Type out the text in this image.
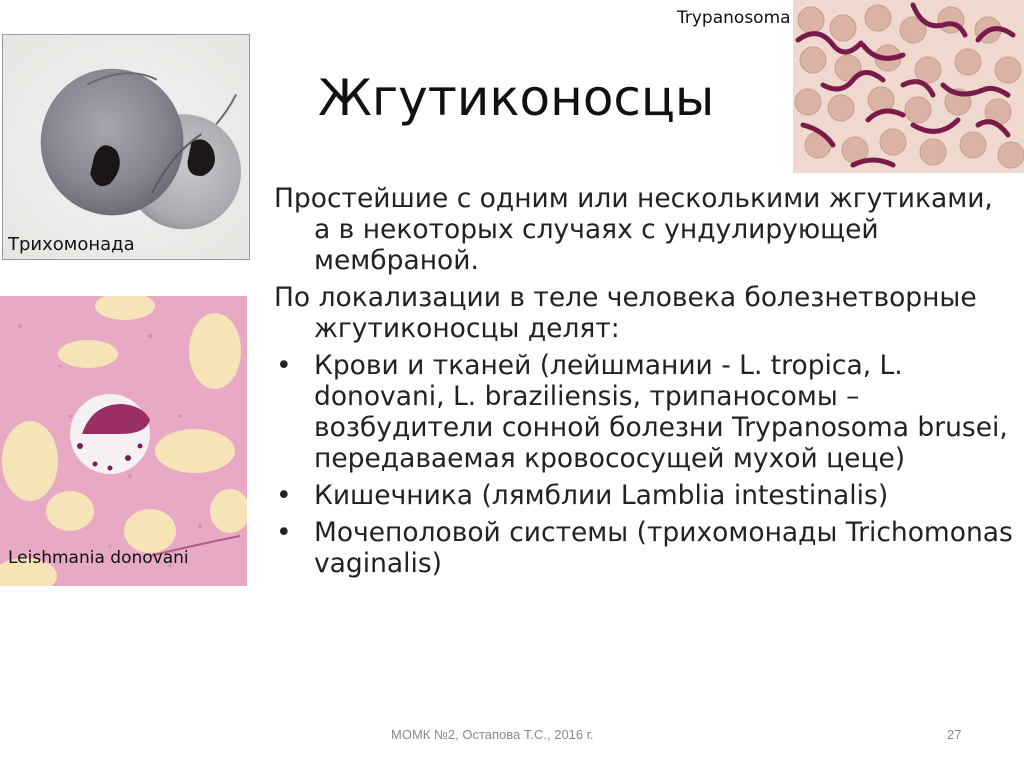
Жгутиконосцы
Трихомонада
Leishmania donovani
Trypanosoma

Простейшие с одним или несколькими жгутиками, а в некоторых случаях с ундулирующей мембраной.

По локализации в теле человека болезнетворные жгутиконосцы делят:

• Крови и тканей (лейшмании - L. tropica, L. donovani, L. braziliensis, трипаносомы – возбудители сонной болезни Trypanosoma brusei, передаваемая кровососущей мухой цеце)
• Кишечника (лямблии Lamblia intestinalis)
• Мочеполовой системы (трихомонады Trichomonas vaginalis)
МОМК №2, Остапова Т.С., 2016 г.	27
